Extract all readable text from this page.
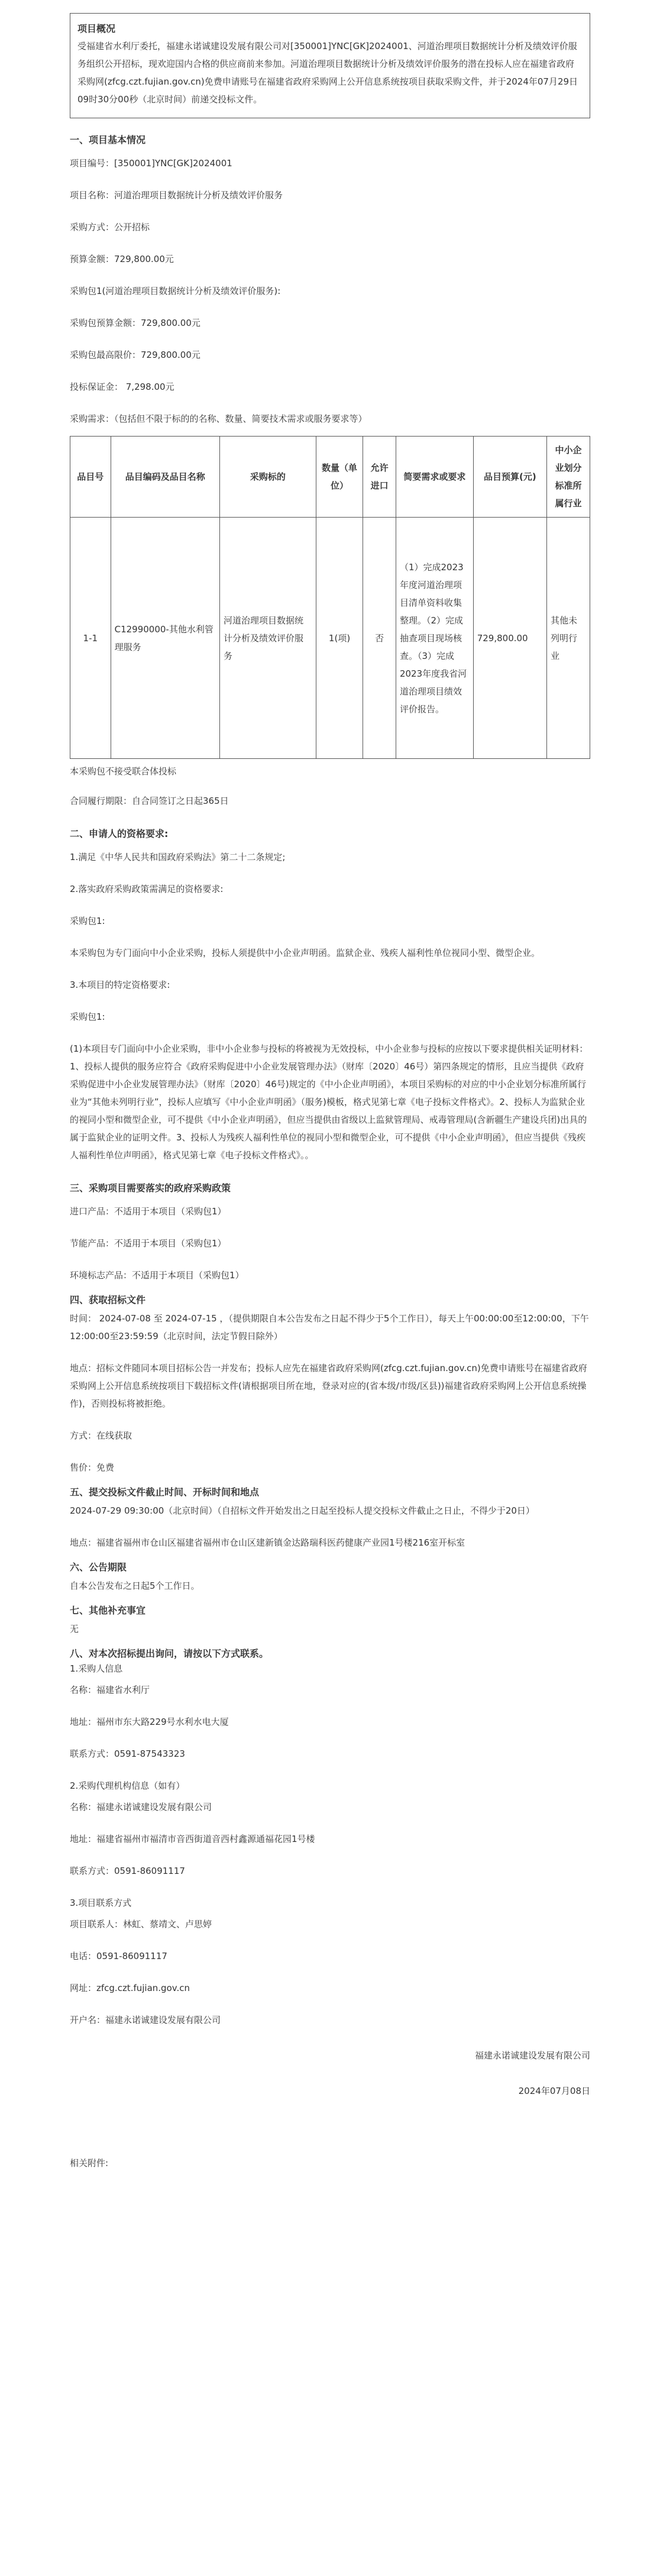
项目概况
受福建省水利厅委托，福建永诺诚建设发展有限公司对[350001]YNC[GK]2024001、河道治理项目数据统计分析及绩效评价服务组织公开招标，现欢迎国内合格的供应商前来参加。河道治理项目数据统计分析及绩效评价服务的潜在投标人应在福建省政府采购网(zfcg.czt.fujian.gov.cn)免费申请账号在福建省政府采购网上公开信息系统按项目获取采购文件，并于2024年07月29日 09时30分00秒（北京时间）前递交投标文件。
一、项目基本情况

项目编号：[350001]YNC[GK]2024001

项目名称：河道治理项目数据统计分析及绩效评价服务

采购方式：公开招标

预算金额：729,800.00元

采购包1(河道治理项目数据统计分析及绩效评价服务):

采购包预算金额：729,800.00元

采购包最高限价：729,800.00元

投标保证金： 7,298.00元

采购需求：（包括但不限于标的的名称、数量、简要技术需求或服务要求等）

品目号	品目编码及品目名称	采购标的	数量（单位）	允许进口	简要需求或要求	品目预算(元)	中小企业划分标准所属行业
1-1	C12990000-其他水利管理服务	河道治理项目数据统计分析及绩效评价服务	1(项)	否	（1）完成2023年度河道治理项目清单资料收集整理。（2）完成抽查项目现场核查。（3）完成2023年度我省河道治理项目绩效评价报告。	729,800.00	其他未列明行业

本采购包不接受联合体投标

合同履行期限：自合同签订之日起365日

二、申请人的资格要求:

1.满足《中华人民共和国政府采购法》第二十二条规定;

2.落实政府采购政策需满足的资格要求:

采购包1:

本采购包为专门面向中小企业采购，投标人须提供中小企业声明函。监狱企业、残疾人福利性单位视同小型、微型企业。

3.本项目的特定资格要求:

采购包1:

(1)本项目专门面向中小企业采购，非中小企业参与投标的将被视为无效投标，中小企业参与投标的应按以下要求提供相关证明材料：1、投标人提供的服务应符合《政府采购促进中小企业发展管理办法》（财库〔2020〕46号）第四条规定的情形，且应当提供《政府采购促进中小企业发展管理办法》（财库〔2020〕46号)规定的《中小企业声明函》，本项目采购标的对应的中小企业划分标准所属行业为“其他未列明行业”，投标人应填写《中小企业声明函》（服务)模板，格式见第七章《电子投标文件格式》。2、投标人为监狱企业的视同小型和微型企业，可不提供《中小企业声明函》，但应当提供由省级以上监狱管理局、戒毒管理局(含新疆生产建设兵团)出具的属于监狱企业的证明文件。3、投标人为残疾人福利性单位的视同小型和微型企业，可不提供《中小企业声明函》，但应当提供《残疾人福利性单位声明函》，格式见第七章《电子投标文件格式》。。

三、采购项目需要落实的政府采购政策

进口产品：不适用于本项目（采购包1）

节能产品：不适用于本项目（采购包1）

环境标志产品：不适用于本项目（采购包1）

四、获取招标文件

时间： 2024-07-08 至 2024-07-15 ，（提供期限自本公告发布之日起不得少于5个工作日），每天上午00:00:00至12:00:00，下午12:00:00至23:59:59（北京时间，法定节假日除外）

地点：招标文件随同本项目招标公告一并发布；投标人应先在福建省政府采购网(zfcg.czt.fujian.gov.cn)免费申请账号在福建省政府采购网上公开信息系统按项目下载招标文件(请根据项目所在地，登录对应的(省本级/市级/区县))福建省政府采购网上公开信息系统操作)，否则投标将被拒绝。

方式：在线获取

售价：免费

五、提交投标文件截止时间、开标时间和地点

2024-07-29 09:30:00（北京时间）（自招标文件开始发出之日起至投标人提交投标文件截止之日止，不得少于20日）

地点：福建省福州市仓山区福建省福州市仓山区建新镇金达路瑞科医药健康产业园1号楼216室开标室

六、公告期限

自本公告发布之日起5个工作日。

七、其他补充事宜

无

八、对本次招标提出询问，请按以下方式联系。

1.采购人信息

名称：福建省水利厅

地址：福州市东大路229号水利水电大厦

联系方式：0591-87543323

2.采购代理机构信息（如有）

名称：福建永诺诚建设发展有限公司

地址：福建省福州市福清市音西街道音西村鑫源通福花园1号楼

联系方式：0591-86091117

3.项目联系方式

项目联系人：林虹、蔡靖文、卢思婷

电话：0591-86091117

网址：zfcg.czt.fujian.gov.cn

开户名：福建永诺诚建设发展有限公司

福建永诺诚建设发展有限公司
2024年07月08日
相关附件:
